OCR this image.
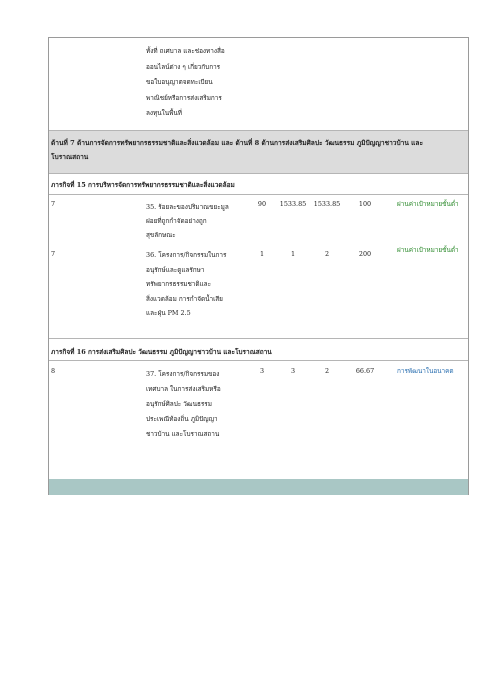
ทั้งที่ ถเศบาล และช่องทางสื่อ
ออนไลน์ต่าง ๆ เกี่ยวกับการ
ขอใบอนุญาตจดทะเบียน
พาณิชย์หรือการส่งเสริมการ
ลงทุนในพื้นที่
ด้านที่ 7 ด้านการจัดการทรัพยากรธรรมชาติและสิ่งแวดล้อม และ ด้านที่ 8 ด้านการส่งเสริมศิลปะ วัฒนธรรม ภูมิปัญญาชาวบ้าน และ
โบราณสถาน
ภารกิจที่ 15 การบริหารจัดการทรัพยากรธรรมชาติและสิ่งแวดล้อม
7	35. ร้อยละของปริมาณขยะมูล
ฝอยที่ถูกกำจัดอย่างถูก
สุขลักษณะ
90	1533.85	1533.85	100	ผ่านค่าเป้าหมายขั้นต่ำ
7	36. โครงการ/กิจกรรมในการ
อนุรักษ์และดูแลรักษา
ทรัพยากรธรรมชาติและ
สิ่งแวดล้อม การกำจัดน้ำเสีย
และฝุ่น PM 2.5
1	1	2	200	ผ่านค่าเป้าหมายขั้นต่ำ
ภารกิจที่ 16 การส่งเสริมศิลปะ วัฒนธรรม ภูมิปัญญาชาวบ้าน และโบราณสถาน
8	37. โครงการ/กิจกรรมของ
เทศบาล ในการส่งเสริมหรือ
อนุรักษ์ศิลปะ วัฒนธรรม
ประเพณีท้องถิ่น ภูมิปัญญา
ชาวบ้าน และโบราณสถาน
3	3	2	66.67	การพัฒนาในอนาคต
